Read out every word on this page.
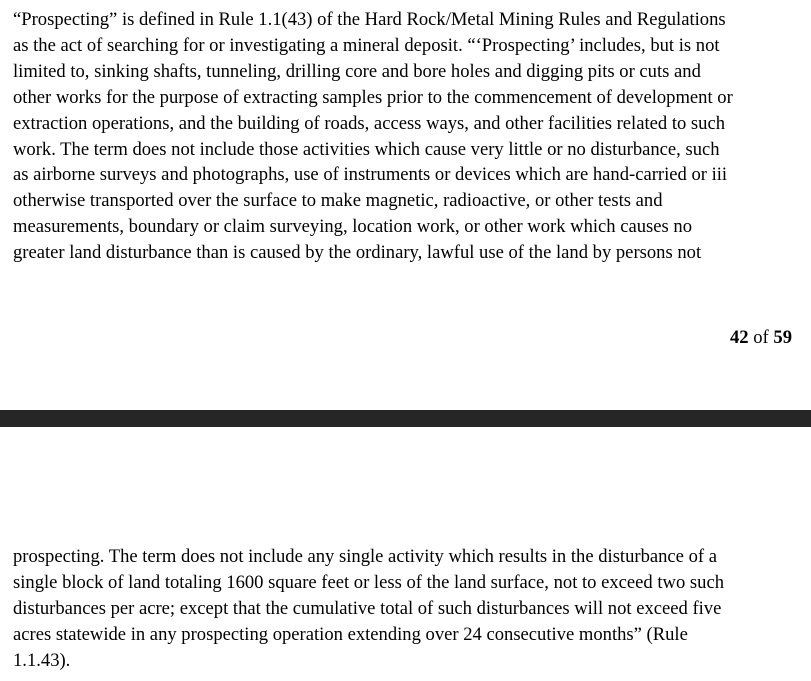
“Prospecting” is defined in Rule 1.1(43) of the Hard Rock/Metal Mining Rules and Regulations
as the act of searching for or investigating a mineral deposit. “‘Prospecting’ includes, but is not
limited to, sinking shafts, tunneling, drilling core and bore holes and digging pits or cuts and
other works for the purpose of extracting samples prior to the commencement of development or
extraction operations, and the building of roads, access ways, and other facilities related to such
work. The term does not include those activities which cause very little or no disturbance, such
as airborne surveys and photographs, use of instruments or devices which are hand-carried or iii
otherwise transported over the surface to make magnetic, radioactive, or other tests and
measurements, boundary or claim surveying, location work, or other work which causes no
greater land disturbance than is caused by the ordinary, lawful use of the land by persons not
42 of 59
prospecting. The term does not include any single activity which results in the disturbance of a
single block of land totaling 1600 square feet or less of the land surface, not to exceed two such
disturbances per acre; except that the cumulative total of such disturbances will not exceed five
acres statewide in any prospecting operation extending over 24 consecutive months” (Rule
1.1.43).
